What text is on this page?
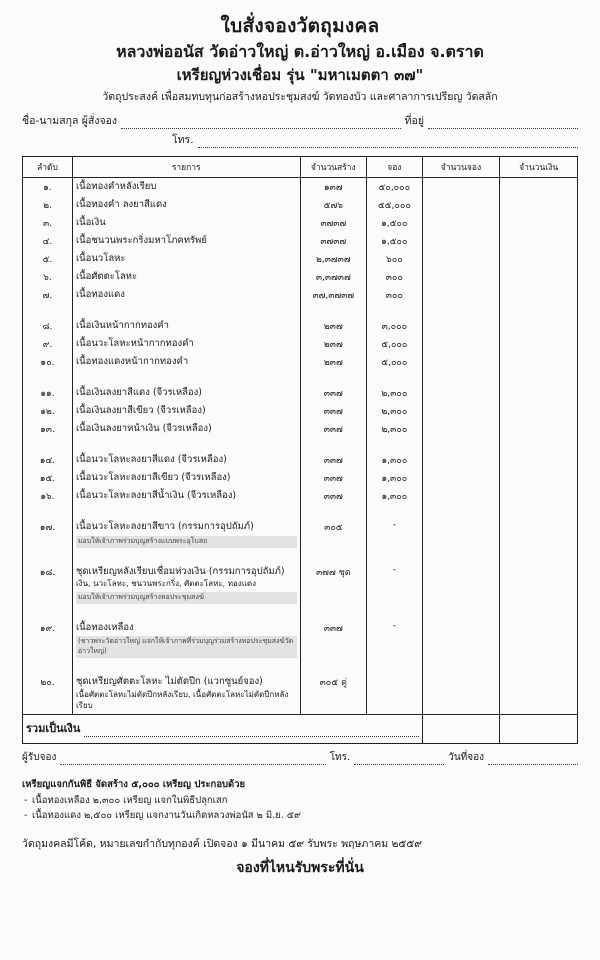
ใบสั่งจองวัตถุมงคล
หลวงพ่ออนัส วัดอ่าวใหญ่ ต.อ่าวใหญ่ อ.เมือง จ.ตราด
เหรียญห่วงเชื่อม รุ่น "มหาเมตตา ๓๗"
วัตถุประสงค์ เพื่อสมทบทุนก่อสร้างหอประชุมสงฆ์ วัดทองบัว และศาลาการเปรียญ วัดสลัก
ชื่อ-นามสกุล ผู้สั่งจอง	ที่อยู่
โทร.
ลำดับ	รายการ	จำนวนสร้าง	จอง	จำนวนจอง	จำนวนเงิน
๑.	เนื้อทองคำหลังเรียบ	๑๓๗	๕๐,๐๐๐		
๒.	เนื้อทองคำ ลงยาสีแดง	๕๗๖	๕๕,๐๐๐		
๓.	เนื้อเงิน	๓๗๓๗	๑,๕๐๐		
๔.	เนื้อชนวนพระกริ่งมหาโภคทรัพย์	๓๗๓๗	๑,๕๐๐		
๕.	เนื้อนวโลหะ	๒,๓๗๓๗	๖๐๐		
๖.	เนื้อศัตตะโลหะ	๓,๓๗๓๗	๓๐๐		
๗.	เนื้อทองแดง	๓๗,๓๗๓๗	๓๐๐		

๘.	เนื้อเงินหน้ากากทองคำ	๒๓๗	๓,๐๐๐		
๙.	เนื้อนวะโลหะหน้ากากทองคำ	๒๓๗	๕,๐๐๐		
๑๐.	เนื้อทองแดงหน้ากากทองคำ	๒๓๗	๕,๐๐๐		

๑๑.	เนื้อเงินลงยาสีแดง (จีวรเหลือง)	๓๓๗	๒,๓๐๐		
๑๒.	เนื้อเงินลงยาสีเขียว (จีวรเหลือง)	๓๓๗	๒,๓๐๐		
๑๓.	เนื้อเงินลงยาหน้าเงิน (จีวรเหลือง)	๓๓๗	๒,๓๐๐		

๑๔.	เนื้อนวะโลหะลงยาสีแดง (จีวรเหลือง)	๓๓๗	๑,๓๐๐		
๑๕.	เนื้อนวะโลหะลงยาสีเขียว (จีวรเหลือง)	๓๓๗	๑,๓๐๐		
๑๖.	เนื้อนวะโลหะลงยาสีน้ำเงิน (จีวรเหลือง)	๓๓๗	๑,๓๐๐		

๑๗.	เนื้อนวะโลหะลงยาสีขาว (กรรมการอุปถัมภ์)
มอบให้เจ้าภาพร่วมบุญสร้างแบบพระอุโบสถ	๓๐๕	-		

๑๘.	ชุดเหรียญหลังเรียบเชื่อมห่วงเงิน (กรรมการอุปถัมภ์)
เงิน, นวะโลหะ, ชนวนพระกริ่ง, ศัตตะโลหะ, ทองแดง
มอบให้เจ้าภาพร่วมบุญสร้างหอประชุมสงฆ์	๓๗๗ ชุด	-		

๑๙.	เนื้อทองเหลือง
(ชาวพระวัดอ่าวใหญ่ แจกให้เจ้าภาพที่ร่วมบุญร่วมสร้างหอประชุมสงฆ์วัดอ่าวใหญ่)	๓๓๗	-		

๒๐.	ชุดเหรียญศัตตะโลหะ ไม่ตัดปีก (แวกซูนย์จอง)
เนื้อศัตตะโลหะไม่ตัดปีกหลังเรียบ, เนื้อศัตตะโลหะไม่ตัดปีกหลังเรียบ	๓๐๕ คู่			

รวมเป็นเงิน					

ผู้รับจอง	โทร.	วันที่จอง
เหรียญแจกกันพิธี จัดสร้าง ๕,๐๐๐ เหรียญ ประกอบด้วย
- เนื้อทองเหลือง ๒,๓๐๐ เหรียญ แจกในพิธีปลุกเสก
- เนื้อทองแดง ๒,๕๐๐ เหรียญ แจกงานวันเกิดหลวงพ่อนัส ๒ มิ.ย. ๕๙
วัตถุมงคลมีโค้ด, หมายเลขกำกับทุกองค์ เปิดจอง ๑ มีนาคม ๕๙ รับพระ พฤษภาคม ๒๕๕๙
จองที่ไหนรับพระที่นั่น
